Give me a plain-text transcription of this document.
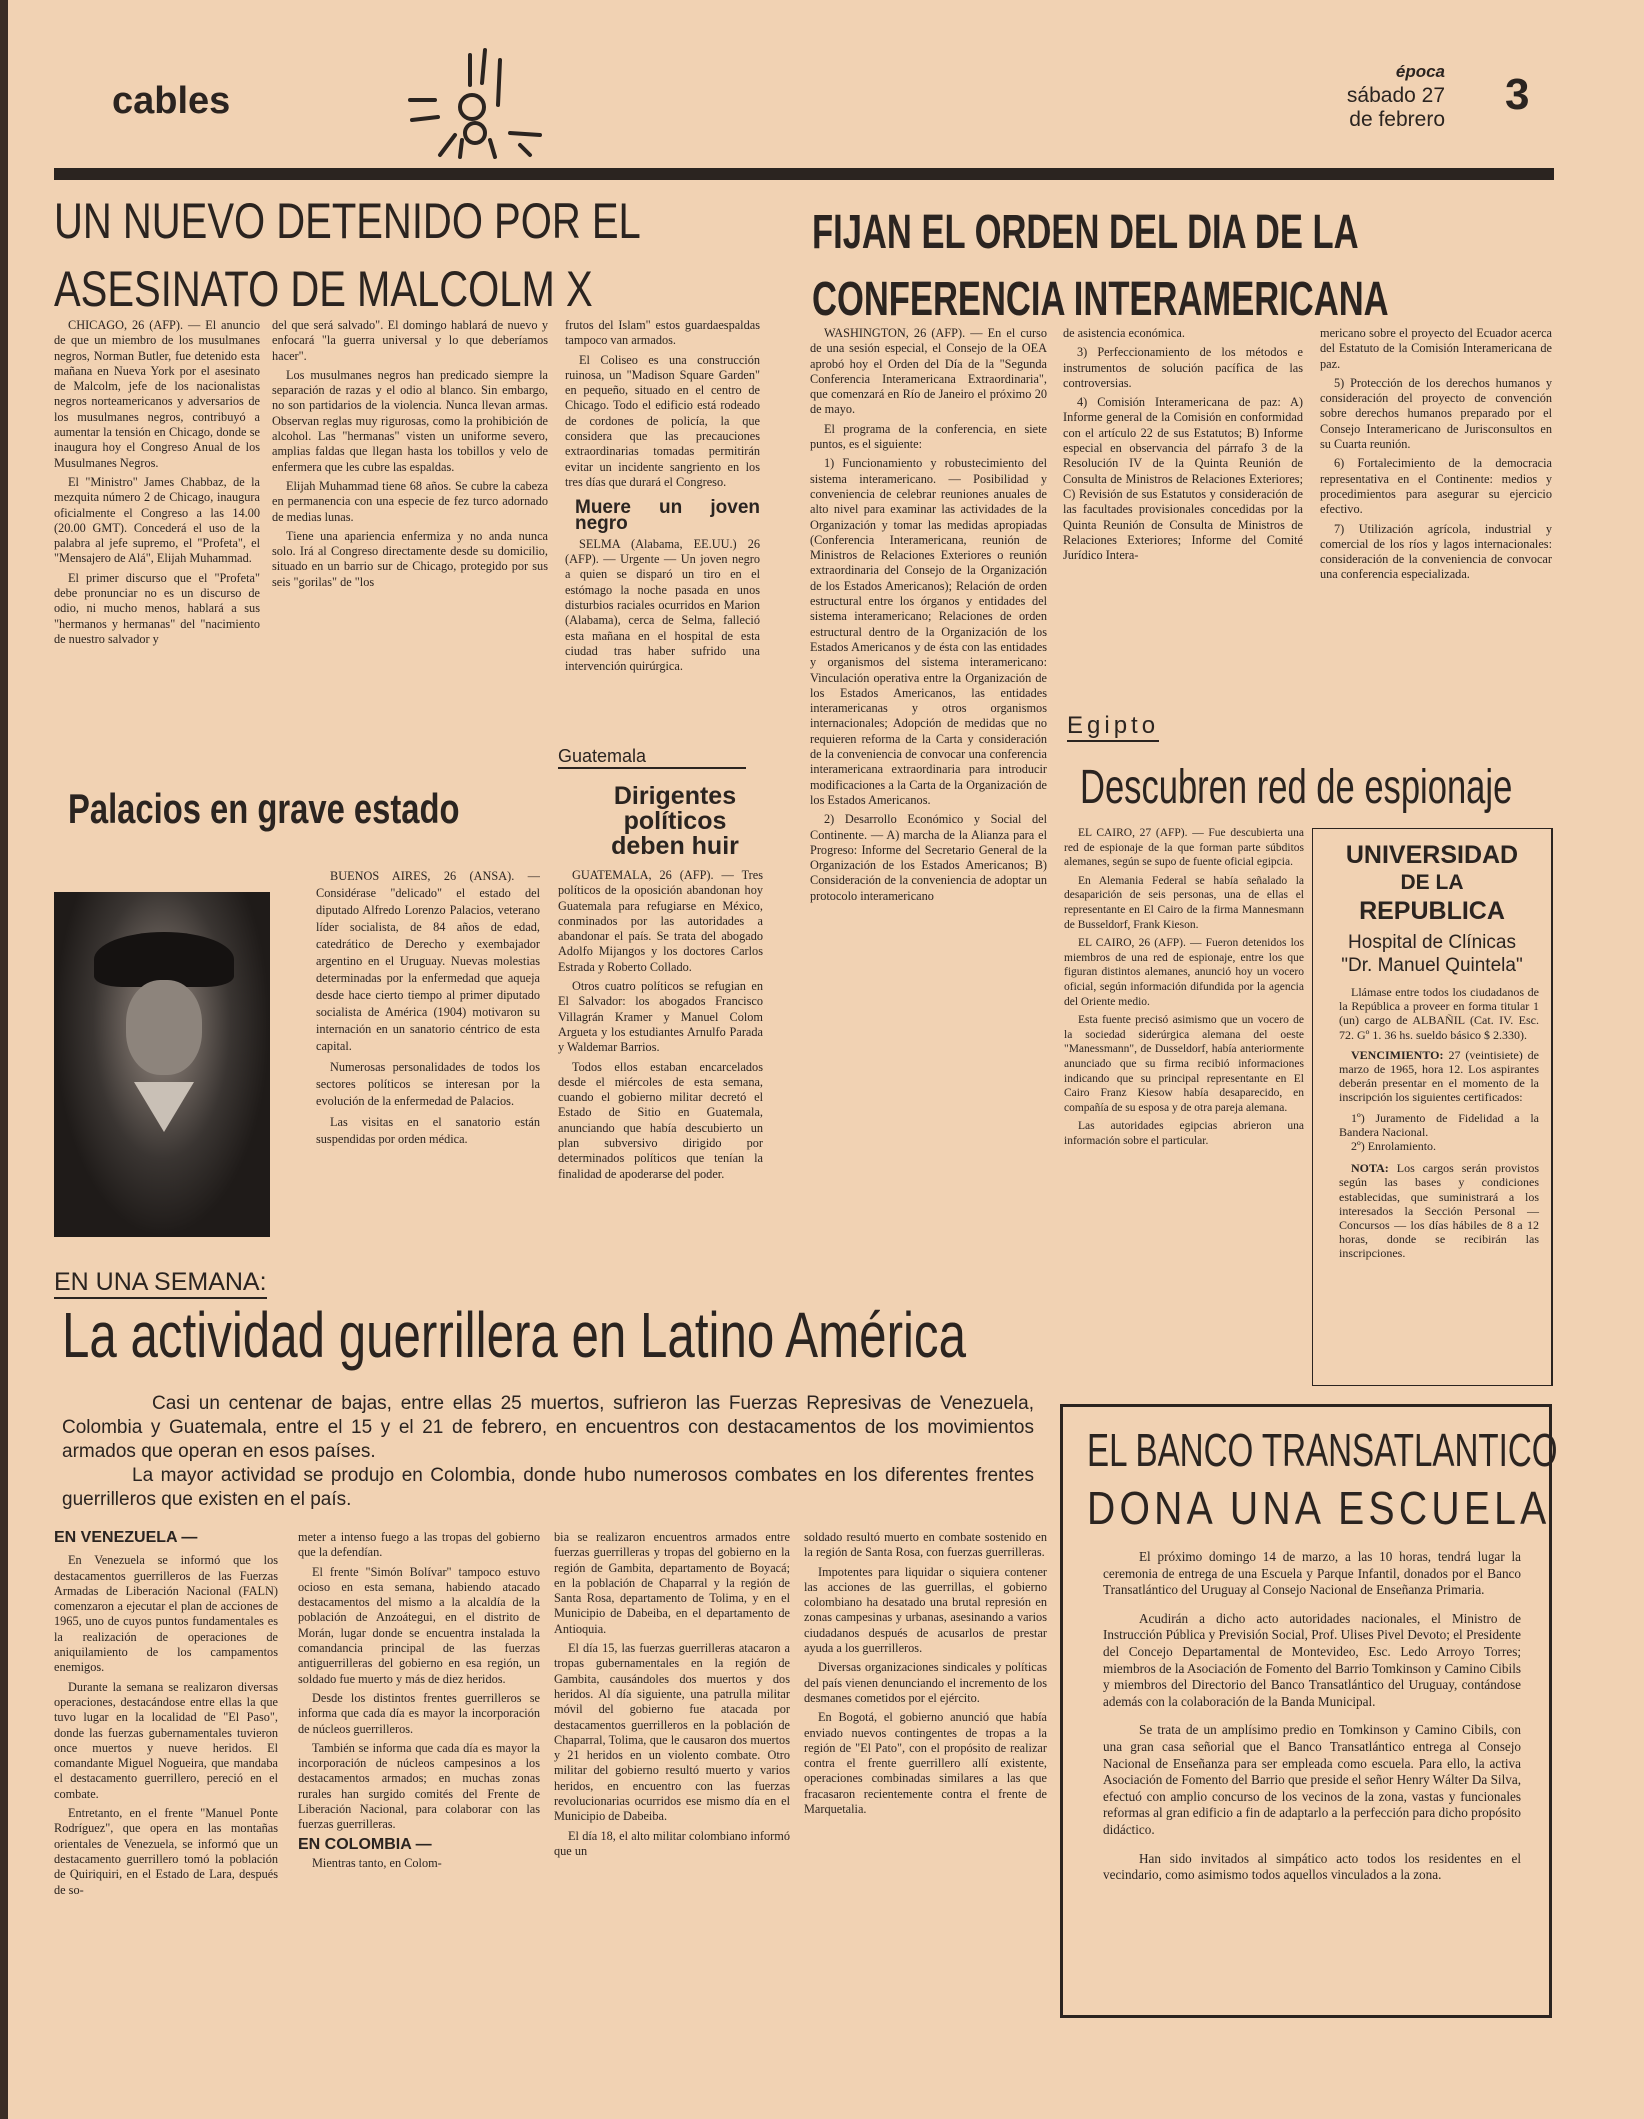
cables
época
sábado 27
de febrero
3
UN NUEVO DETENIDO POR EL
ASESINATO DE MALCOLM X

CHICAGO, 26 (AFP). — El anuncio de que un miembro de los musulmanes negros, Norman Butler, fue detenido esta mañana en Nueva York por el asesinato de Malcolm, jefe de los nacionalistas negros norteamericanos y adversarios de los musulmanes negros, contribuyó a aumentar la tensión en Chicago, donde se inaugura hoy el Congreso Anual de los Musulmanes Negros.

El "Ministro" James Chabbaz, de la mezquita número 2 de Chicago, inaugura oficialmente el Congreso a las 14.00 (20.00 GMT). Concederá el uso de la palabra al jefe supremo, el "Profeta", el "Mensajero de Alá", Elijah Muhammad.

El primer discurso que el "Profeta" debe pronunciar no es un discurso de odio, ni mucho menos, hablará a sus "hermanos y hermanas" del "nacimiento de nuestro salvador y

del que será salvado". El domingo hablará de nuevo y enfocará "la guerra universal y lo que deberíamos hacer".

Los musulmanes negros han predicado siempre la separación de razas y el odio al blanco. Sin embargo, no son partidarios de la violencia. Nunca llevan armas. Observan reglas muy rigurosas, como la prohibición de alcohol. Las "hermanas" visten un uniforme severo, amplias faldas que llegan hasta los tobillos y velo de enfermera que les cubre las espaldas.

Elijah Muhammad tiene 68 años. Se cubre la cabeza en permanencia con una especie de fez turco adornado de medias lunas.

Tiene una apariencia enfermiza y no anda nunca solo. Irá al Congreso directamente desde su domicilio, situado en un barrio sur de Chicago, protegido por sus seis "gorilas" de "los

frutos del Islam" estos guardaespaldas tampoco van armados.

El Coliseo es una construcción ruinosa, un "Madison Square Garden" en pequeño, situado en el centro de Chicago. Todo el edificio está rodeado de cordones de policía, la que considera que las precauciones extraordinarias tomadas permitirán evitar un incidente sangriento en los tres días que durará el Congreso.

Muere un joven negro

SELMA (Alabama, EE.UU.) 26 (AFP). — Urgente — Un joven negro a quien se disparó un tiro en el estómago la noche pasada en unos disturbios raciales ocurridos en Marion (Alabama), cerca de Selma, falleció esta mañana en el hospital de esta ciudad tras haber sufrido una intervención quirúrgica.

FIJAN EL ORDEN DEL DIA DE LA
CONFERENCIA INTERAMERICANA

WASHINGTON, 26 (AFP). — En el curso de una sesión especial, el Consejo de la OEA aprobó hoy el Orden del Día de la "Segunda Conferencia Interamericana Extraordinaria", que comenzará en Río de Janeiro el próximo 20 de mayo.

El programa de la conferencia, en siete puntos, es el siguiente:

1) Funcionamiento y robustecimiento del sistema interamericano. — Posibilidad y conveniencia de celebrar reuniones anuales de alto nivel para examinar las actividades de la Organización y tomar las medidas apropiadas (Conferencia Interamericana, reunión de Ministros de Relaciones Exteriores o reunión extraordinaria del Consejo de la Organización de los Estados Americanos); Relación de orden estructural entre los órganos y entidades del sistema interamericano; Relaciones de orden estructural dentro de la Organización de los Estados Americanos y de ésta con las entidades y organismos del sistema interamericano: Vinculación operativa entre la Organización de los Estados Americanos, las entidades interamericanas y otros organismos internacionales; Adopción de medidas que no requieren reforma de la Carta y consideración de la conveniencia de convocar una conferencia interamericana extraordinaria para introducir modificaciones a la Carta de la Organización de los Estados Americanos.

2) Desarrollo Económico y Social del Continente. — A) marcha de la Alianza para el Progreso: Informe del Secretario General de la Organización de los Estados Americanos; B) Consideración de la conveniencia de adoptar un protocolo interamericano

de asistencia económica.

3) Perfeccionamiento de los métodos e instrumentos de solución pacífica de las controversias.

4) Comisión Interamericana de paz: A) Informe general de la Comisión en conformidad con el artículo 22 de sus Estatutos; B) Informe especial en observancia del párrafo 3 de la Resolución IV de la Quinta Reunión de Consulta de Ministros de Relaciones Exteriores; C) Revisión de sus Estatutos y consideración de las facultades provisionales concedidas por la Quinta Reunión de Consulta de Ministros de Relaciones Exteriores; Informe del Comité Jurídico Intera-

mericano sobre el proyecto del Ecuador acerca del Estatuto de la Comisión Interamericana de paz.

5) Protección de los derechos humanos y consideración del proyecto de convención sobre derechos humanos preparado por el Consejo Interamericano de Jurisconsultos en su Cuarta reunión.

6) Fortalecimiento de la democracia representativa en el Continente: medios y procedimientos para asegurar su ejercicio efectivo.

7) Utilización agrícola, industrial y comercial de los ríos y lagos internacionales: consideración de la conveniencia de convocar una conferencia especializada.

Palacios en grave estado

BUENOS AIRES, 26 (ANSA). — Considérase "delicado" el estado del diputado Alfredo Lorenzo Palacios, veterano líder socialista, de 84 años de edad, catedrático de Derecho y exembajador argentino en el Uruguay. Nuevas molestias determinadas por la enfermedad que aqueja desde hace cierto tiempo al primer diputado socialista de América (1904) motivaron su internación en un sanatorio céntrico de esta capital.

Numerosas personalidades de todos los sectores políticos se interesan por la evolución de la enfermedad de Palacios.

Las visitas en el sanatorio están suspendidas por orden médica.

Guatemala
Dirigentes
políticos
deben huir

GUATEMALA, 26 (AFP). — Tres políticos de la oposición abandonan hoy Guatemala para refugiarse en México, conminados por las autoridades a abandonar el país. Se trata del abogado Adolfo Mijangos y los doctores Carlos Estrada y Roberto Collado.

Otros cuatro políticos se refugian en El Salvador: los abogados Francisco Villagrán Kramer y Manuel Colom Argueta y los estudiantes Arnulfo Parada y Waldemar Barrios.

Todos ellos estaban encarcelados desde el miércoles de esta semana, cuando el gobierno militar decretó el Estado de Sitio en Guatemala, anunciando que había descubierto un plan subversivo dirigido por determinados políticos que tenían la finalidad de apoderarse del poder.

Egipto
Descubren red de espionaje

EL CAIRO, 27 (AFP). — Fue descubierta una red de espionaje de la que forman parte súbditos alemanes, según se supo de fuente oficial egipcia.

En Alemania Federal se había señalado la desaparición de seis personas, una de ellas el representante en El Cairo de la firma Mannesmann de Busseldorf, Frank Kieson.

EL CAIRO, 26 (AFP). — Fueron detenidos los miembros de una red de espionaje, entre los que figuran distintos alemanes, anunció hoy un vocero oficial, según información difundida por la agencia del Oriente medio.

Esta fuente precisó asimismo que un vocero de la sociedad siderúrgica alemana del oeste "Manessmann", de Dusseldorf, había anteriormente anunciado que su firma recibió informaciones indicando que su principal representante en El Cairo Franz Kiesow había desaparecido, en compañía de su esposa y de otra pareja alemana.

Las autoridades egipcias abrieron una información sobre el particular.

UNIVERSIDAD
DE LA
REPUBLICA
Hospital de Clínicas
"Dr. Manuel Quintela"

Llámase entre todos los ciudadanos de la República a proveer en forma titular 1 (un) cargo de ALBAÑIL (Cat. IV. Esc. 72. Gº 1. 36 hs. sueldo básico $ 2.330).

VENCIMIENTO: 27 (veintisiete) de marzo de 1965, hora 12. Los aspirantes deberán presentar en el momento de la inscripción los siguientes certificados:

1º) Juramento de Fidelidad a la Bandera Nacional.

2º) Enrolamiento.

NOTA: Los cargos serán provistos según las bases y condiciones establecidas, que suministrará a los interesados la Sección Personal — Concursos — los días hábiles de 8 a 12 horas, donde se recibirán las inscripciones.

EN UNA SEMANA:
La actividad guerrillera en Latino América

Casi un centenar de bajas, entre ellas 25 muertos, sufrieron las Fuerzas Represivas de Venezuela, Colombia y Guatemala, entre el 15 y el 21 de febrero, en encuentros con destacamentos de los movimientos armados que operan en esos países.

La mayor actividad se produjo en Colombia, donde hubo numerosos combates en los diferentes frentes guerrilleros que existen en el país.

EN VENEZUELA —

En Venezuela se informó que los destacamentos guerrilleros de las Fuerzas Armadas de Liberación Nacional (FALN) comenzaron a ejecutar el plan de acciones de 1965, uno de cuyos puntos fundamentales es la realización de operaciones de aniquilamiento de los campamentos enemigos.

Durante la semana se realizaron diversas operaciones, destacándose entre ellas la que tuvo lugar en la localidad de "El Paso", donde las fuerzas gubernamentales tuvieron once muertos y nueve heridos. El comandante Miguel Nogueira, que mandaba el destacamento guerrillero, pereció en el combate.

Entretanto, en el frente "Manuel Ponte Rodríguez", que opera en las montañas orientales de Venezuela, se informó que un destacamento guerrillero tomó la población de Quiriquiri, en el Estado de Lara, después de so-

meter a intenso fuego a las tropas del gobierno que la defendían.

El frente "Simón Bolívar" tampoco estuvo ocioso en esta semana, habiendo atacado destacamentos del mismo a la alcaldía de la población de Anzoátegui, en el distrito de Morán, lugar donde se encuentra instalada la comandancia principal de las fuerzas antiguerrilleras del gobierno en esa región, un soldado fue muerto y más de diez heridos.

Desde los distintos frentes guerrilleros se informa que cada día es mayor la incorporación de núcleos guerrilleros.

También se informa que cada día es mayor la incorporación de núcleos campesinos a los destacamentos armados; en muchas zonas rurales han surgido comités del Frente de Liberación Nacional, para colaborar con las fuerzas guerrilleras.

EN COLOMBIA —

Mientras tanto, en Colom-

bia se realizaron encuentros armados entre fuerzas guerrilleras y tropas del gobierno en la región de Gambita, departamento de Boyacá; en la población de Chaparral y la región de Santa Rosa, departamento de Tolima, y en el Municipio de Dabeiba, en el departamento de Antioquia.

El día 15, las fuerzas guerrilleras atacaron a tropas gubernamentales en la región de Gambita, causándoles dos muertos y dos heridos. Al día siguiente, una patrulla militar móvil del gobierno fue atacada por destacamentos guerrilleros en la población de Chaparral, Tolima, que le causaron dos muertos y 21 heridos en un violento combate. Otro militar del gobierno resultó muerto y varios heridos, en encuentro con las fuerzas revolucionarias ocurridos ese mismo día en el Municipio de Dabeiba.

El día 18, el alto militar colombiano informó que un

soldado resultó muerto en combate sostenido en la región de Santa Rosa, con fuerzas guerrilleras.

Impotentes para liquidar o siquiera contener las acciones de las guerrillas, el gobierno colombiano ha desatado una brutal represión en zonas campesinas y urbanas, asesinando a varios ciudadanos después de acusarlos de prestar ayuda a los guerrilleros.

Diversas organizaciones sindicales y políticas del país vienen denunciando el incremento de los desmanes cometidos por el ejército.

En Bogotá, el gobierno anunció que había enviado nuevos contingentes de tropas a la región de "El Pato", con el propósito de realizar contra el frente guerrillero allí existente, operaciones combinadas similares a las que fracasaron recientemente contra el frente de Marquetalia.

EL BANCO TRANSATLANTICO
DONA UNA ESCUELA

El próximo domingo 14 de marzo, a las 10 horas, tendrá lugar la ceremonia de entrega de una Escuela y Parque Infantil, donados por el Banco Transatlántico del Uruguay al Consejo Nacional de Enseñanza Primaria.

Acudirán a dicho acto autoridades nacionales, el Ministro de Instrucción Pública y Previsión Social, Prof. Ulises Pivel Devoto; el Presidente del Concejo Departamental de Montevideo, Esc. Ledo Arroyo Torres; miembros de la Asociación de Fomento del Barrio Tomkinson y Camino Cibils y miembros del Directorio del Banco Transatlántico del Uruguay, contándose además con la colaboración de la Banda Municipal.

Se trata de un amplísimo predio en Tomkinson y Camino Cibils, con una gran casa señorial que el Banco Transatlántico entrega al Consejo Nacional de Enseñanza para ser empleada como escuela. Para ello, la activa Asociación de Fomento del Barrio que preside el señor Henry Wálter Da Silva, efectuó con amplio concurso de los vecinos de la zona, vastas y funcionales reformas al gran edificio a fin de adaptarlo a la perfección para dicho propósito didáctico.

Han sido invitados al simpático acto todos los residentes en el vecindario, como asimismo todos aquellos vinculados a la zona.
